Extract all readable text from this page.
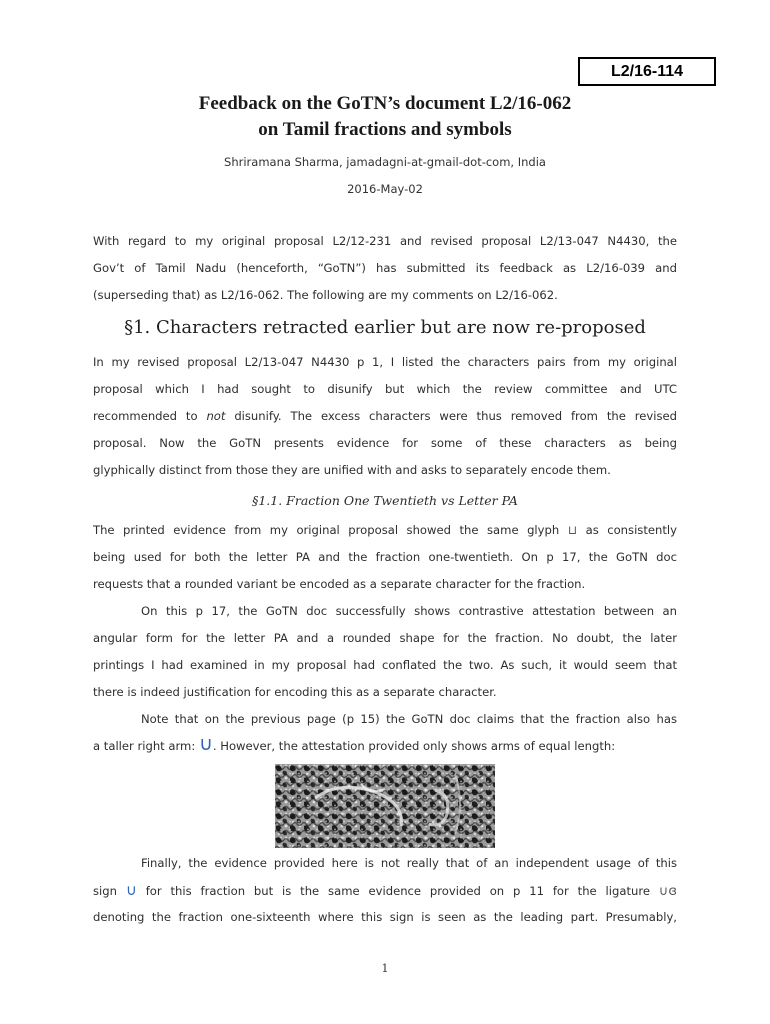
L2/16-114
Feedback on the GoTN’s document L2/16-062
on Tamil fractions and symbols
Shriramana Sharma, jamadagni-at-gmail-dot-com, India
2016-May-02
With regard to my original proposal L2/12-231 and revised proposal L2/13-047 N4430, the
Gov’t of Tamil Nadu (henceforth, “GoTN”) has submitted its feedback as L2/16-039 and
(superseding that) as L2/16-062. The following are my comments on L2/16-062.
§1. Characters retracted earlier but are now re-proposed
In my revised proposal L2/13-047 N4430 p 1, I listed the characters pairs from my original
proposal which I had sought to disunify but which the review committee and UTC
recommended to not disunify. The excess characters were thus removed from the revised
proposal. Now the GoTN presents evidence for some of these characters as being
glyphically distinct from those they are unified with and asks to separately encode them.
§1.1. Fraction One Twentieth vs Letter PA
The printed evidence from my original proposal showed the same glyph ⊔ as consistently
being used for both the letter PA and the fraction one-twentieth. On p 17, the GoTN doc
requests that a rounded variant be encoded as a separate character for the fraction.
On this p 17, the GoTN doc successfully shows contrastive attestation between an
angular form for the letter PA and a rounded shape for the fraction. No doubt, the later
printings I had examined in my proposal had conflated the two. As such, it would seem that
there is indeed justification for encoding this as a separate character.
Note that on the previous page (p 15) the GoTN doc claims that the fraction also has
a taller right arm: ∪. However, the attestation provided only shows arms of equal length:
Finally, the evidence provided here is not really that of an independent usage of this
sign ∪ for this fraction but is the same evidence provided on p 11 for the ligature ∪ɞ
denoting the fraction one-sixteenth where this sign is seen as the leading part. Presumably,
1
